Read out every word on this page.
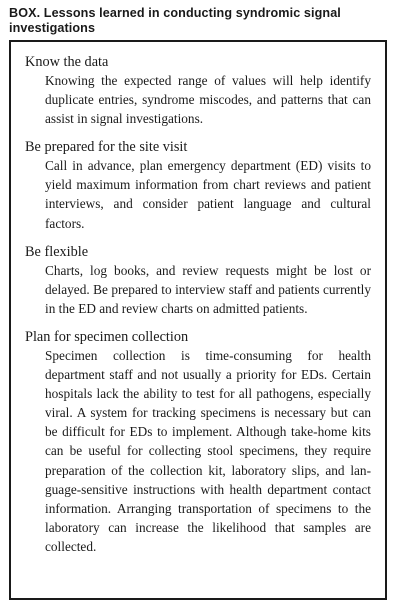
BOX. Lessons learned in conducting syndromic signal investigations

Know the data

Knowing the expected range of values will help identify duplicate entries, syndrome miscodes, and patterns that can assist in signal investigations.

Be prepared for the site visit

Call in advance, plan emergency department (ED) visits to yield maximum information from chart reviews and patient interviews, and consider patient language and cultural factors.

Be flexible

Charts, log books, and review requests might be lost or delayed. Be prepared to interview staff and patients currently in the ED and review charts on admitted patients.

Plan for specimen collection

Specimen collection is time-consuming for health department staff and not usually a priority for EDs. Certain hospitals lack the ability to test for all pathogens, especially viral. A system for tracking specimens is necessary but can be difficult for EDs to implement. Although take-home kits can be useful for collecting stool specimens, they require preparation of the collection kit, laboratory slips, and language-sensitive instructions with health department contact information. Arranging transportation of specimens to the laboratory can increase the likelihood that samples are collected.
